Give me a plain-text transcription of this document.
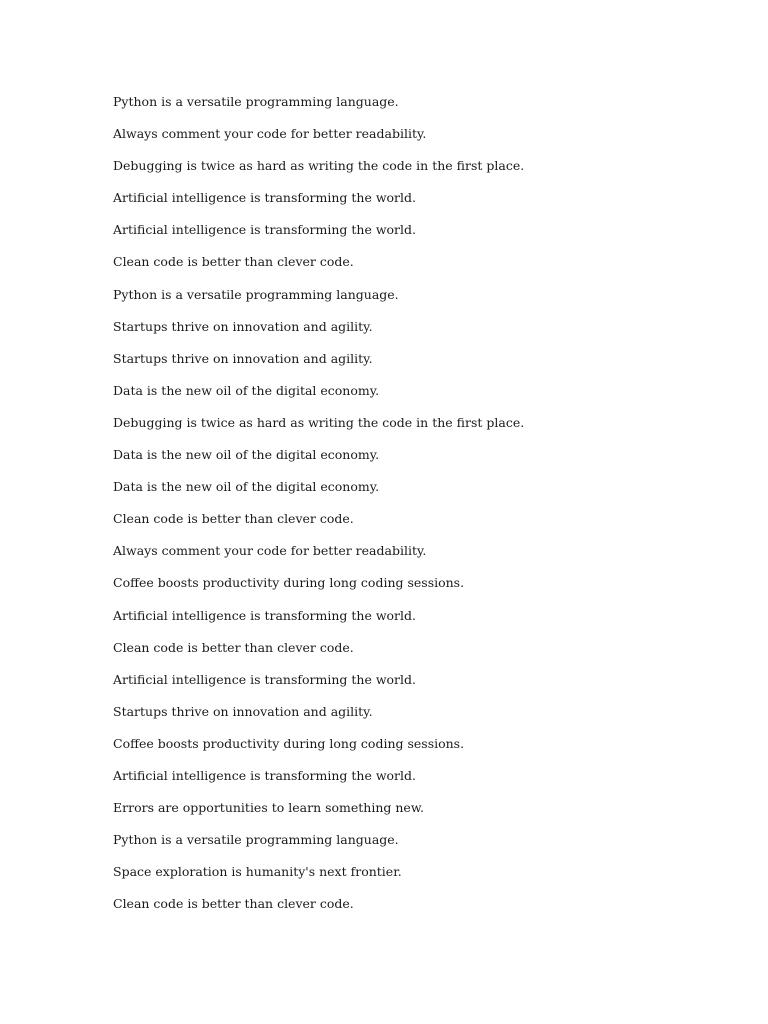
Python is a versatile programming language.
Always comment your code for better readability.
Debugging is twice as hard as writing the code in the first place.
Artificial intelligence is transforming the world.
Artificial intelligence is transforming the world.
Clean code is better than clever code.
Python is a versatile programming language.
Startups thrive on innovation and agility.
Startups thrive on innovation and agility.
Data is the new oil of the digital economy.
Debugging is twice as hard as writing the code in the first place.
Data is the new oil of the digital economy.
Data is the new oil of the digital economy.
Clean code is better than clever code.
Always comment your code for better readability.
Coffee boosts productivity during long coding sessions.
Artificial intelligence is transforming the world.
Clean code is better than clever code.
Artificial intelligence is transforming the world.
Startups thrive on innovation and agility.
Coffee boosts productivity during long coding sessions.
Artificial intelligence is transforming the world.
Errors are opportunities to learn something new.
Python is a versatile programming language.
Space exploration is humanity's next frontier.
Clean code is better than clever code.
